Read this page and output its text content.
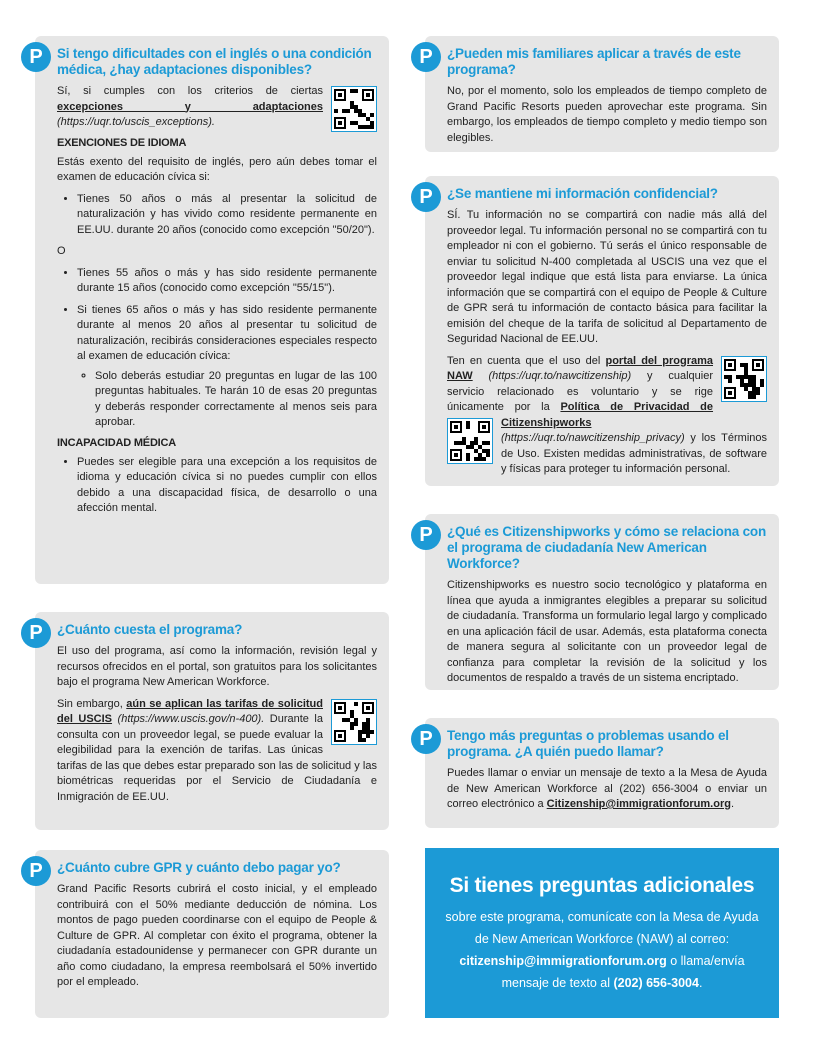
P	Si tengo dificultades con el inglés o una condición médica, ¿hay adaptaciones disponibles?
Sí, si cumples con los criterios de ciertas excepciones y adaptaciones (https://uqr.to/uscis_exceptions).
EXENCIONES DE IDIOMA
Estás exento del requisito de inglés, pero aún debes tomar el examen de educación cívica si:
• Tienes 50 años o más al presentar la solicitud de naturalización y has vivido como residente permanente en EE.UU. durante 20 años (conocido como excepción "50/20").
O
• Tienes 55 años o más y has sido residente permanente durante 15 años (conocido como excepción "55/15").
• Si tienes 65 años o más y has sido residente permanente durante al menos 20 años al presentar tu solicitud de naturalización, recibirás consideraciones especiales respecto al examen de educación cívica:
◦ Solo deberás estudiar 20 preguntas en lugar de las 100 preguntas habituales. Te harán 10 de esas 20 preguntas y deberás responder correctamente al menos seis para aprobar.
INCAPACIDAD MÉDICA
• Puedes ser elegible para una excepción a los requisitos de idioma y educación cívica si no puedes cumplir con ellos debido a una discapacidad física, de desarrollo o una afección mental.
P	¿Cuánto cuesta el programa?
El uso del programa, así como la información, revisión legal y recursos ofrecidos en el portal, son gratuitos para los solicitantes bajo el programa New American Workforce.
Sin embargo, aún se aplican las tarifas de solicitud del USCIS (https://www.uscis.gov/n-400). Durante la consulta con un proveedor legal, se puede evaluar la elegibilidad para la exención de tarifas. Las únicas tarifas de las que debes estar preparado son las de solicitud y las biométricas requeridas por el Servicio de Ciudadanía e Inmigración de EE.UU.
P	¿Cuánto cubre GPR y cuánto debo pagar yo?
Grand Pacific Resorts cubrirá el costo inicial, y el empleado contribuirá con el 50% mediante deducción de nómina. Los montos de pago pueden coordinarse con el equipo de People & Culture de GPR. Al completar con éxito el programa, obtener la ciudadanía estadounidense y permanecer con GPR durante un año como ciudadano, la empresa reembolsará el 50% invertido por el empleado.
P	¿Pueden mis familiares aplicar a través de este programa?
No, por el momento, solo los empleados de tiempo completo de Grand Pacific Resorts pueden aprovechar este programa. Sin embargo, los empleados de tiempo completo y medio tiempo son elegibles.
P	¿Se mantiene mi información confidencial?
SÍ. Tu información no se compartirá con nadie más allá del proveedor legal. Tu información personal no se compartirá con tu empleador ni con el gobierno. Tú serás el único responsable de enviar tu solicitud N-400 completada al USCIS una vez que el proveedor legal indique que está lista para enviarse. La única información que se compartirá con el equipo de People & Culture de GPR será tu información de contacto básica para facilitar la emisión del cheque de la tarifa de solicitud al Departamento de Seguridad Nacional de EE.UU.
Ten en cuenta que el uso del portal del programa NAW (https://uqr.to/nawcitizenship) y cualquier servicio relacionado es voluntario y se rige únicamente por la Política de Privacidad de Citizenshipworks
(https://uqr.to/nawcitizenship_privacy) y los Términos de Uso. Existen medidas administrativas, de software y físicas para proteger tu información personal.
P	¿Qué es Citizenshipworks y cómo se relaciona con el programa de ciudadanía New American Workforce?
Citizenshipworks es nuestro socio tecnológico y plataforma en línea que ayuda a inmigrantes elegibles a preparar su solicitud de ciudadanía. Transforma un formulario legal largo y complicado en una aplicación fácil de usar. Además, esta plataforma conecta de manera segura al solicitante con un proveedor legal de confianza para completar la revisión de la solicitud y los documentos de respaldo a través de un sistema encriptado.
P	Tengo más preguntas o problemas usando el programa. ¿A quién puedo llamar?
Puedes llamar o enviar un mensaje de texto a la Mesa de Ayuda de New American Workforce al (202) 656-3004 o enviar un correo electrónico a Citizenship@immigrationforum.org.
Si tienes preguntas adicionales
sobre este programa, comunícate con la Mesa de Ayuda de New American Workforce (NAW) al correo: citizenship@immigrationforum.org o llama/envía mensaje de texto al (202) 656-3004.
